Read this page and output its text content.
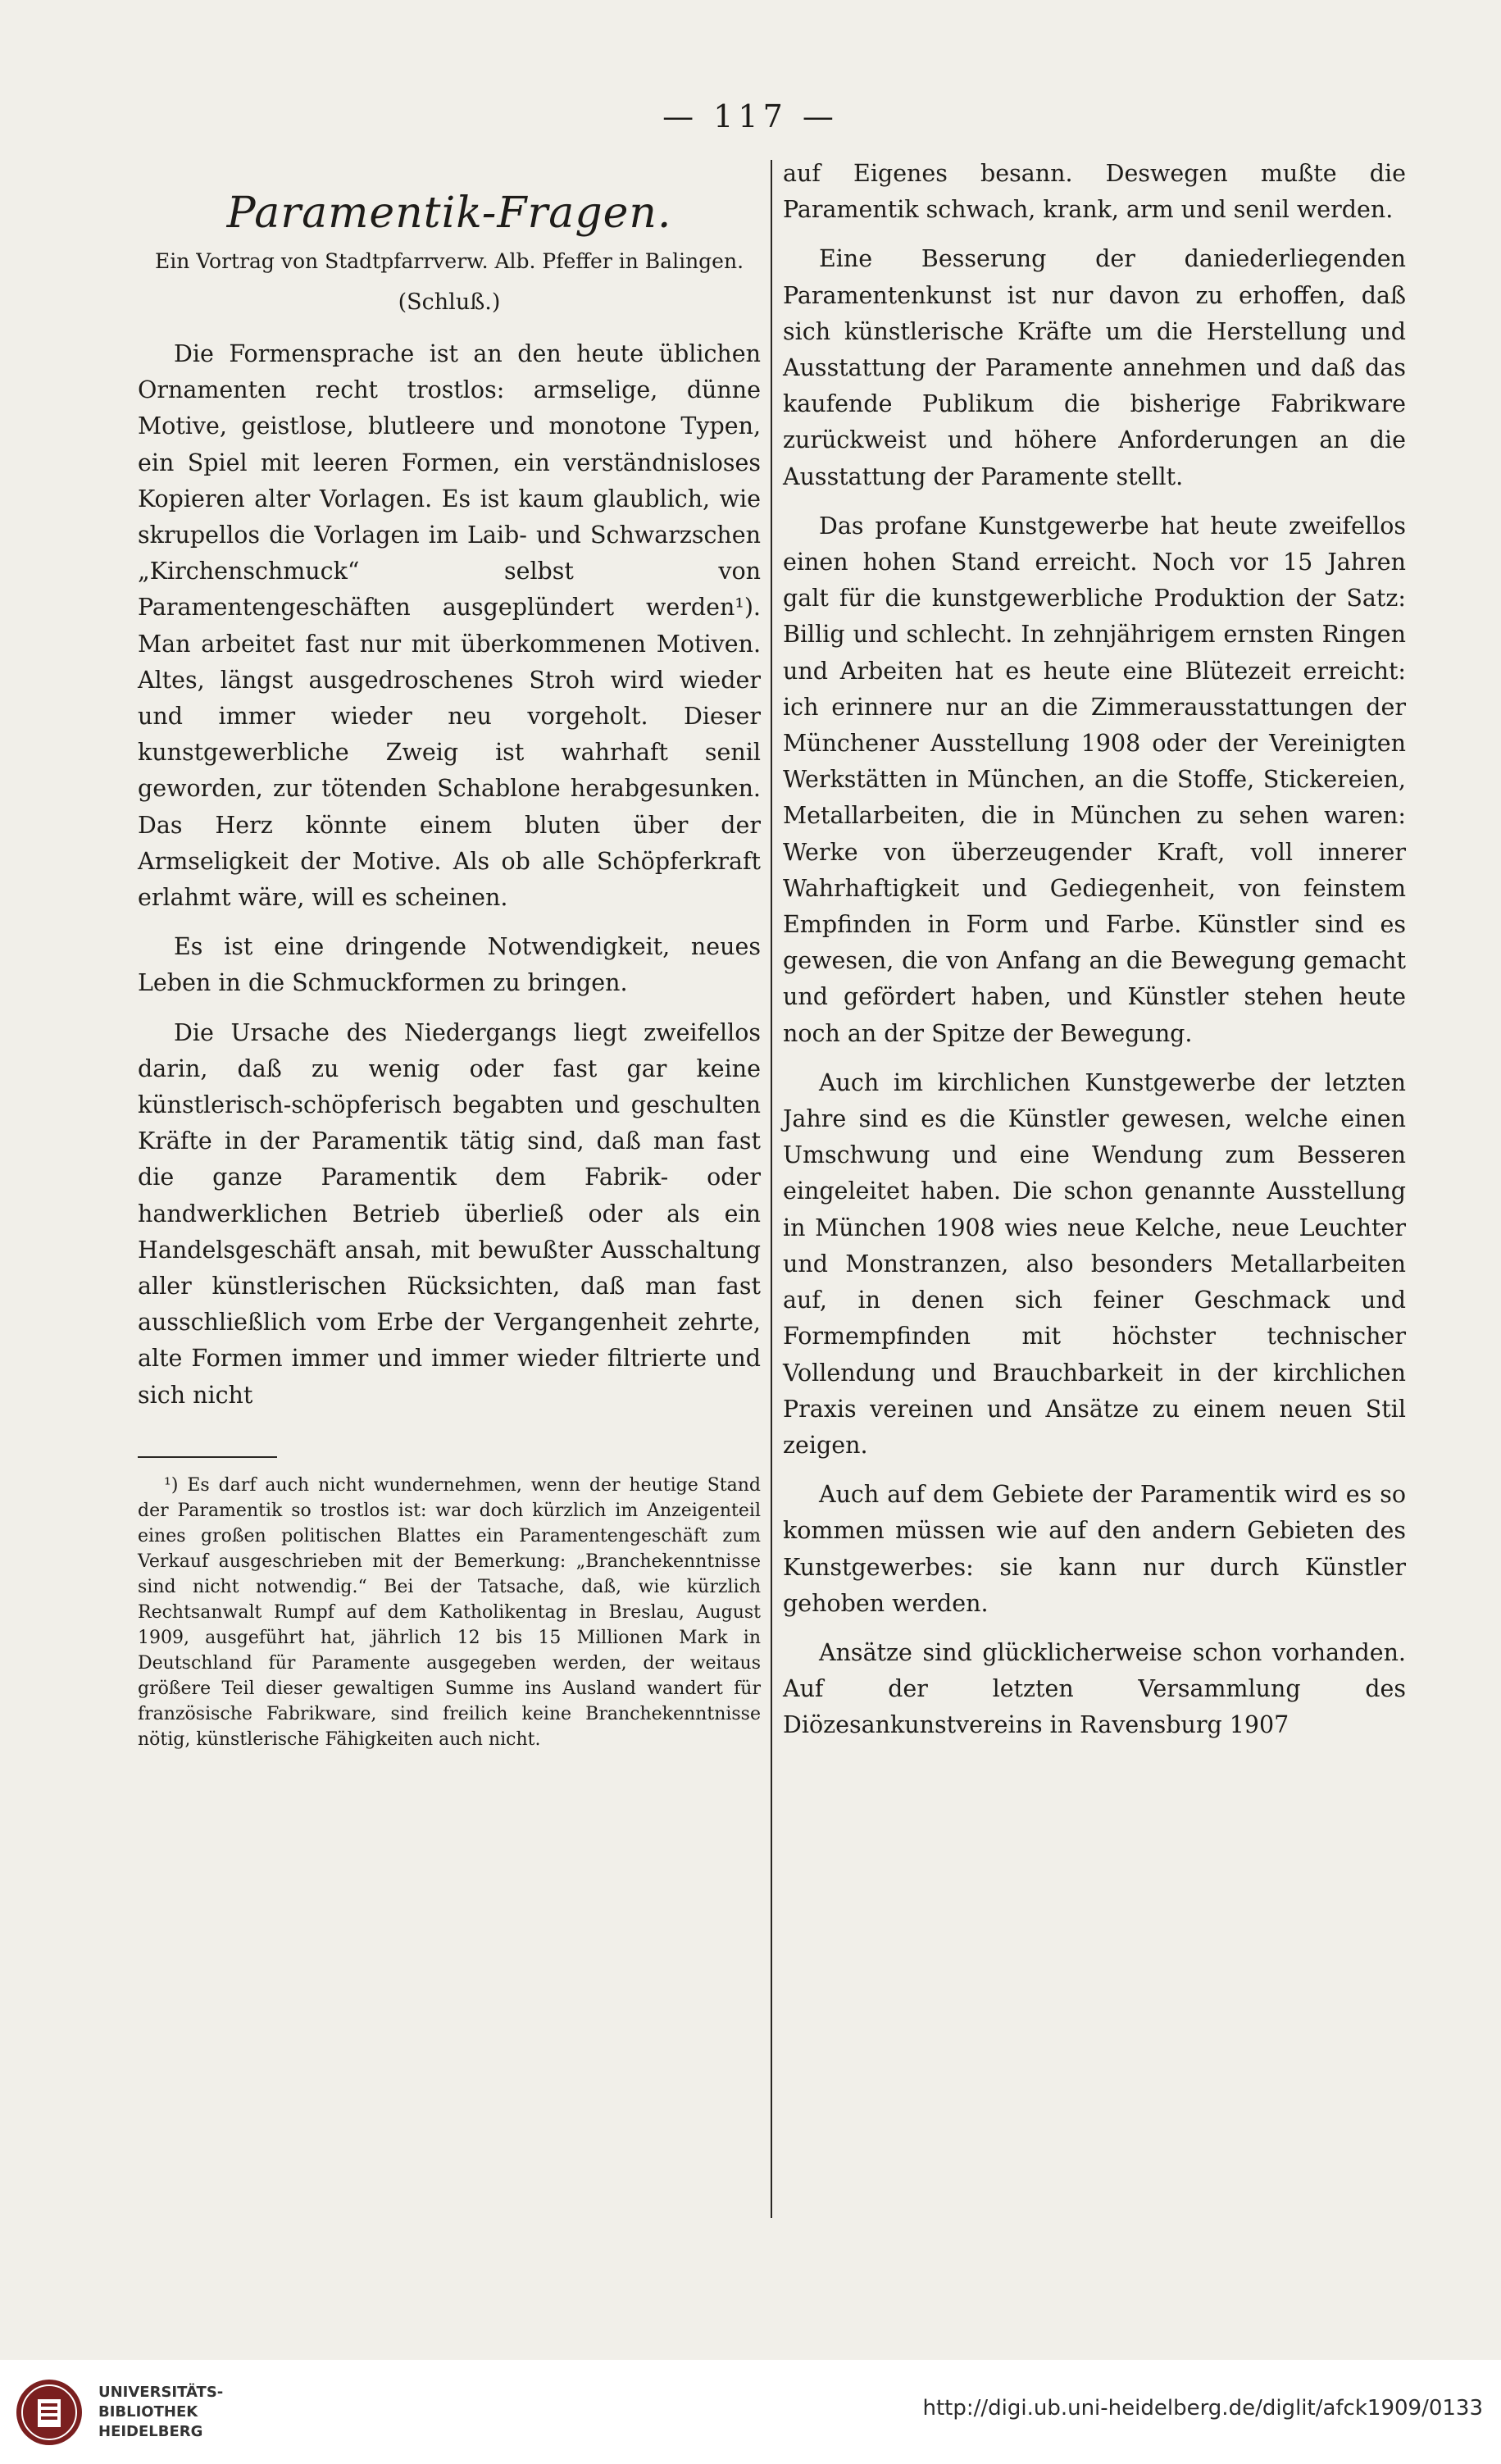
— 117 —
Paramentik-Fragen.

Ein Vortrag von Stadtpfarrverw. Alb. Pfeffer in Balingen.

(Schluß.)

Die Formensprache ist an den heute üblichen Ornamenten recht trostlos: armselige, dünne Motive, geistlose, blutleere und monotone Typen, ein Spiel mit leeren Formen, ein verständnisloses Kopieren alter Vorlagen. Es ist kaum glaublich, wie skrupellos die Vorlagen im Laib- und Schwarzschen „Kirchenschmuck“ selbst von Paramentengeschäften ausgeplündert werden¹). Man arbeitet fast nur mit überkommenen Motiven. Altes, längst ausgedroschenes Stroh wird wieder und immer wieder neu vorgeholt. Dieser kunstgewerbliche Zweig ist wahrhaft senil geworden, zur tötenden Schablone herabgesunken. Das Herz könnte einem bluten über der Armseligkeit der Motive. Als ob alle Schöpferkraft erlahmt wäre, will es scheinen.

Es ist eine dringende Notwendigkeit, neues Leben in die Schmuckformen zu bringen.

Die Ursache des Niedergangs liegt zweifellos darin, daß zu wenig oder fast gar keine künstlerisch-schöpferisch begabten und geschulten Kräfte in der Paramentik tätig sind, daß man fast die ganze Paramentik dem Fabrik- oder handwerklichen Betrieb überließ oder als ein Handelsgeschäft ansah, mit bewußter Ausschaltung aller künstlerischen Rücksichten, daß man fast ausschließlich vom Erbe der Vergangenheit zehrte, alte Formen immer und immer wieder filtrierte und sich nicht

¹) Es darf auch nicht wundernehmen, wenn der heutige Stand der Paramentik so trostlos ist: war doch kürzlich im Anzeigenteil eines großen politischen Blattes ein Paramentengeschäft zum Verkauf ausgeschrieben mit der Bemerkung: „Branchekenntnisse sind nicht notwendig.“ Bei der Tatsache, daß, wie kürzlich Rechtsanwalt Rumpf auf dem Katholikentag in Breslau, August 1909, ausgeführt hat, jährlich 12 bis 15 Millionen Mark in Deutschland für Paramente ausgegeben werden, der weitaus größere Teil dieser gewaltigen Summe ins Ausland wandert für französische Fabrikware, sind freilich keine Branchekenntnisse nötig, künstlerische Fähigkeiten auch nicht.

auf Eigenes besann. Deswegen mußte die Paramentik schwach, krank, arm und senil werden.

Eine Besserung der daniederliegenden Paramentenkunst ist nur davon zu erhoffen, daß sich künstlerische Kräfte um die Herstellung und Ausstattung der Paramente annehmen und daß das kaufende Publikum die bisherige Fabrikware zurückweist und höhere Anforderungen an die Ausstattung der Paramente stellt.

Das profane Kunstgewerbe hat heute zweifellos einen hohen Stand erreicht. Noch vor 15 Jahren galt für die kunstgewerbliche Produktion der Satz: Billig und schlecht. In zehnjährigem ernsten Ringen und Arbeiten hat es heute eine Blütezeit erreicht: ich erinnere nur an die Zimmerausstattungen der Münchener Ausstellung 1908 oder der Vereinigten Werkstätten in München, an die Stoffe, Stickereien, Metallarbeiten, die in München zu sehen waren: Werke von überzeugender Kraft, voll innerer Wahrhaftigkeit und Gediegenheit, von feinstem Empfinden in Form und Farbe. Künstler sind es gewesen, die von Anfang an die Bewegung gemacht und gefördert haben, und Künstler stehen heute noch an der Spitze der Bewegung.

Auch im kirchlichen Kunstgewerbe der letzten Jahre sind es die Künstler gewesen, welche einen Umschwung und eine Wendung zum Besseren eingeleitet haben. Die schon genannte Ausstellung in München 1908 wies neue Kelche, neue Leuchter und Monstranzen, also besonders Metallarbeiten auf, in denen sich feiner Geschmack und Formempfinden mit höchster technischer Vollendung und Brauchbarkeit in der kirchlichen Praxis vereinen und Ansätze zu einem neuen Stil zeigen.

Auch auf dem Gebiete der Paramentik wird es so kommen müssen wie auf den andern Gebieten des Kunstgewerbes: sie kann nur durch Künstler gehoben werden.

Ansätze sind glücklicherweise schon vorhanden. Auf der letzten Versammlung des Diözesankunstvereins in Ravensburg 1907

UNIVERSITÄTS-
BIBLIOTHEK
HEIDELBERG
http://digi.ub.uni-heidelberg.de/diglit/afck1909/0133
